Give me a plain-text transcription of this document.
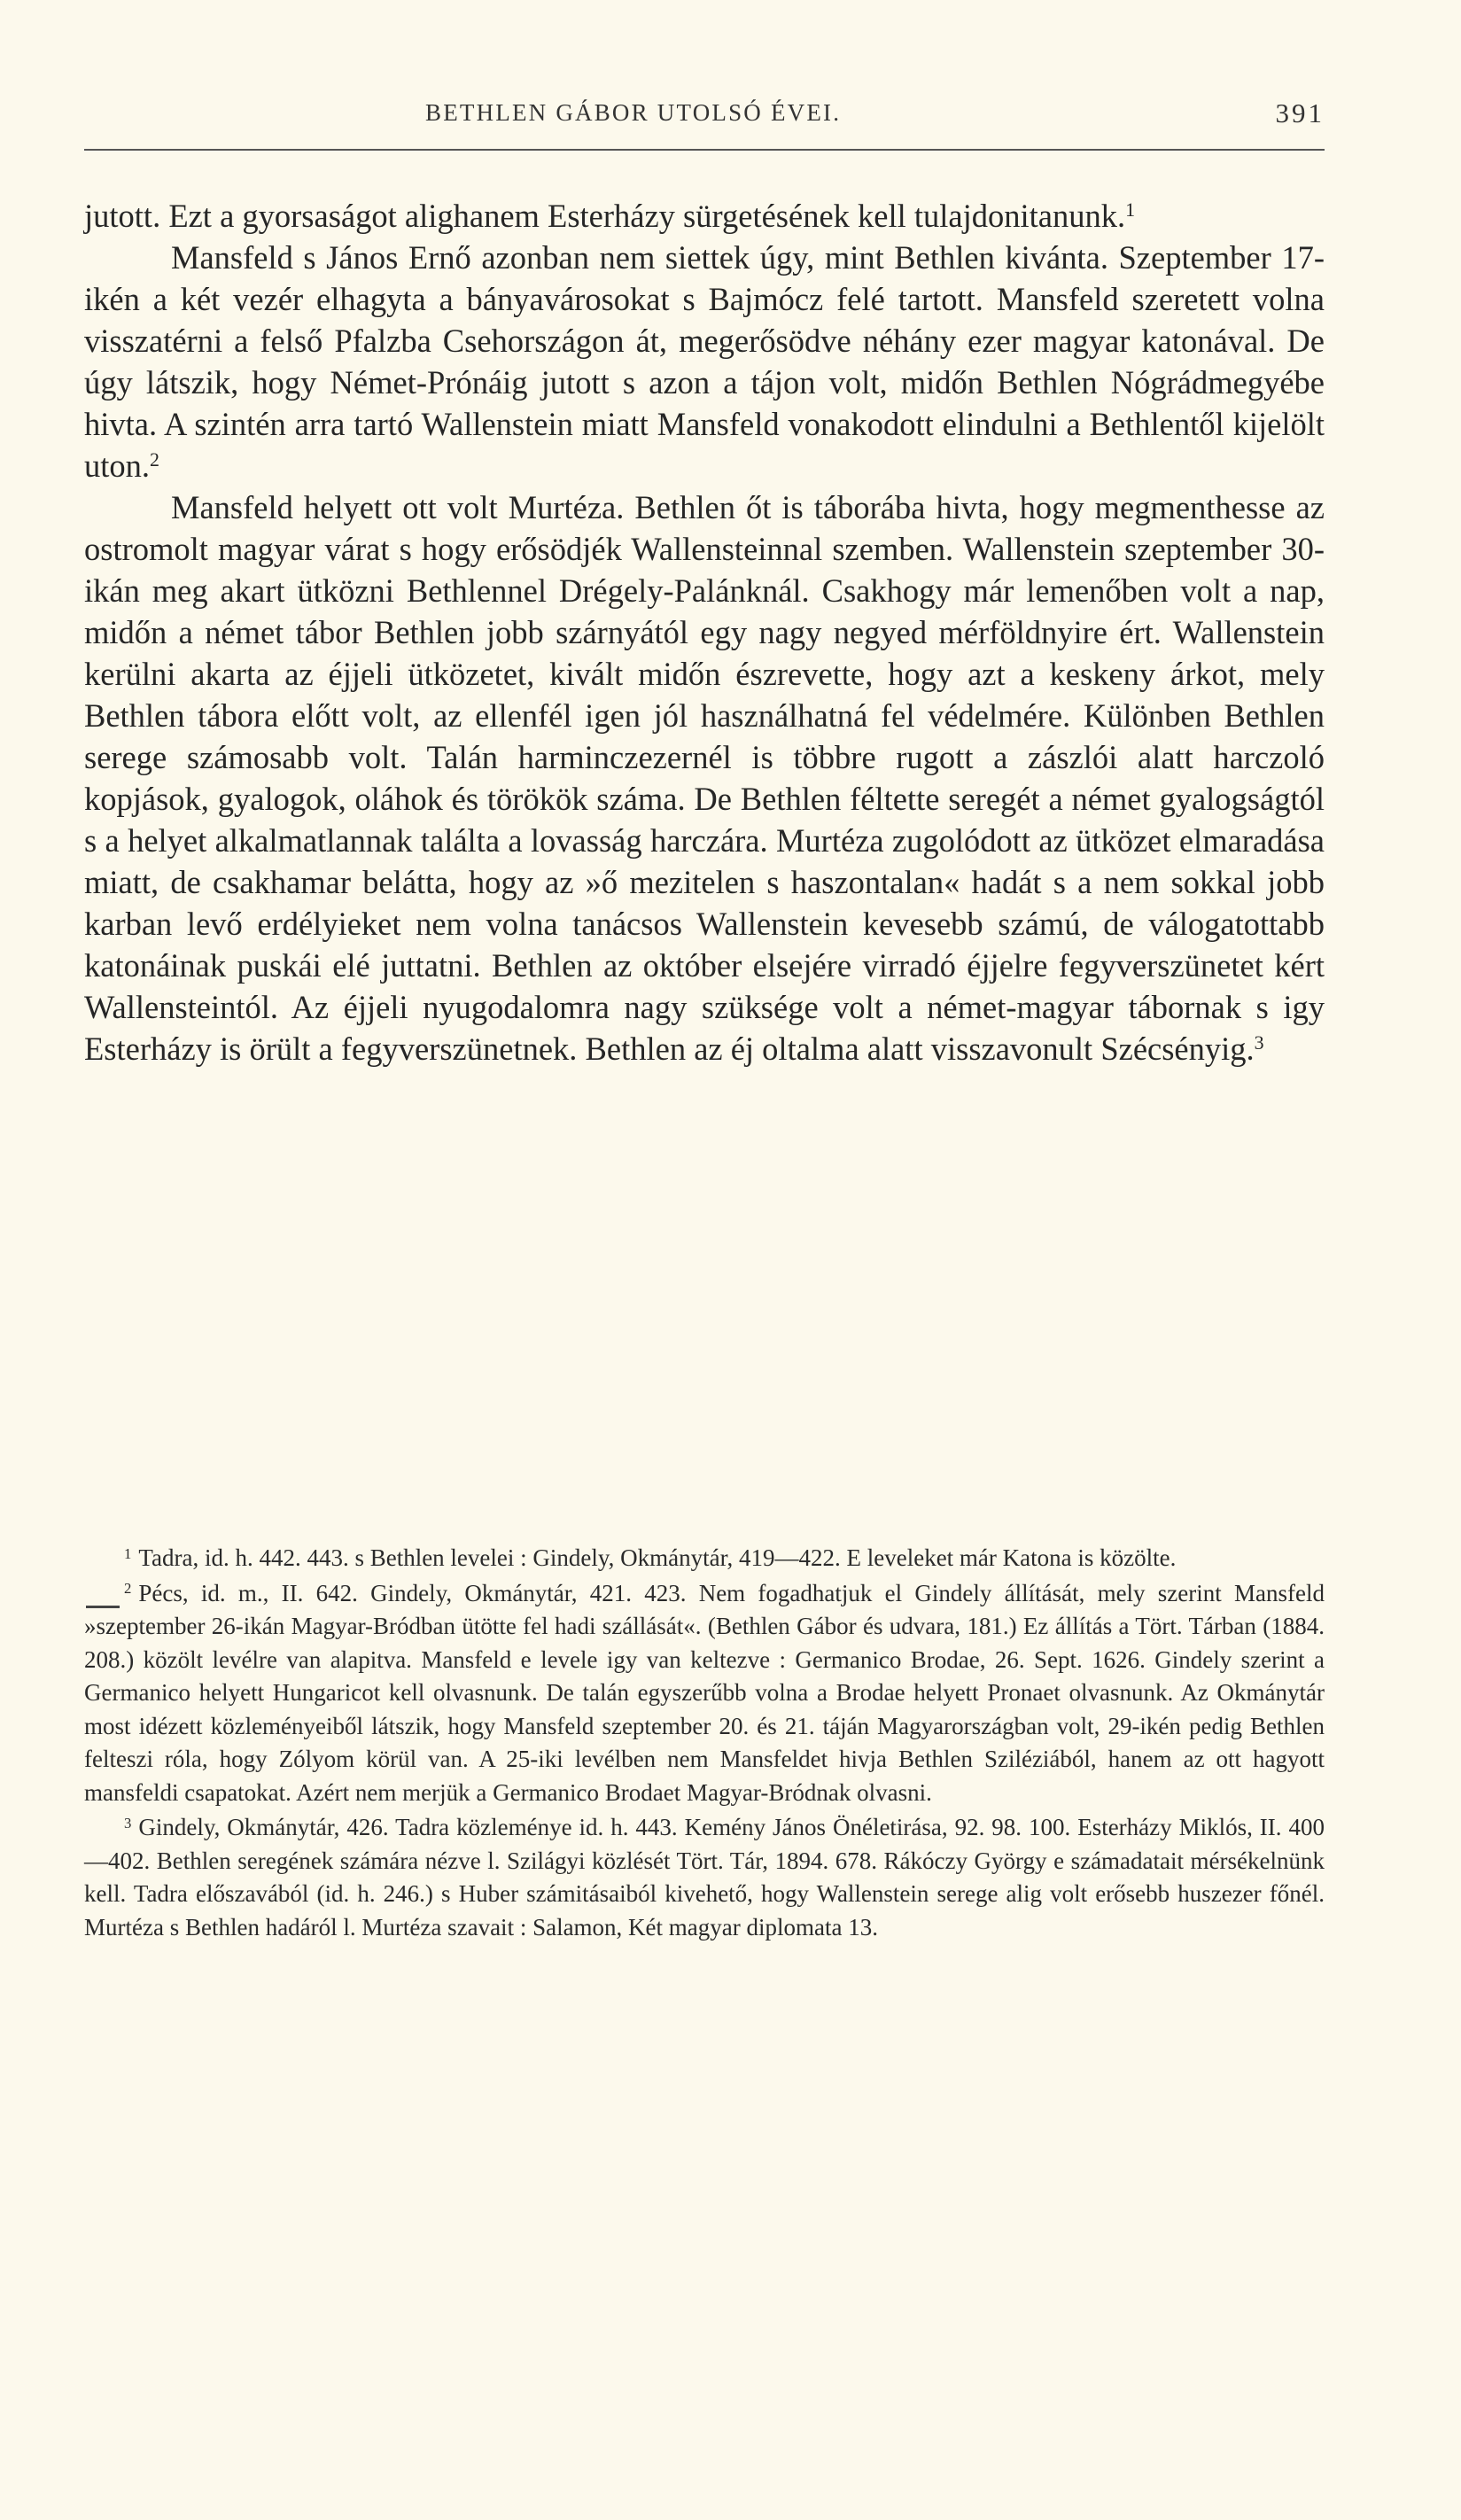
BETHLEN GÁBOR UTOLSÓ ÉVEI.	391

jutott. Ezt a gyorsaságot alighanem Esterházy sürgetésének kell tulajdonitanunk.$^1$

Mansfeld s János Ernő azonban nem siettek úgy, mint Bethlen kivánta. Szeptember 17-ikén a két vezér elhagyta a bányavárosokat s Bajmócz felé tartott. Mansfeld szeretett volna visszatérni a felső Pfalzba Csehországon át, megerősödve néhány ezer magyar katonával. De úgy látszik, hogy Német-Prónáig jutott s azon a tájon volt, midőn Bethlen Nógrádmegyébe hivta. A szintén arra tartó Wallenstein miatt Mansfeld vonakodott elindulni a Bethlentől kijelölt uton.$^2$

Mansfeld helyett ott volt Murtéza. Bethlen őt is táborába hivta, hogy megmenthesse az ostromolt magyar várat s hogy erősödjék Wallensteinnal szemben. Wallenstein szeptember 30-ikán meg akart ütközni Bethlennel Drégely-Palánknál. Csakhogy már lemenőben volt a nap, midőn a német tábor Bethlen jobb szárnyától egy nagy negyed mérföldnyire ért. Wallenstein kerülni akarta az éjjeli ütközetet, kivált midőn észrevette, hogy azt a keskeny árkot, mely Bethlen tábora előtt volt, az ellenfél igen jól használhatná fel védelmére. Különben Bethlen serege számosabb volt. Talán harminczezernél is többre rugott a zászlói alatt harczoló kopjások, gyalogok, oláhok és törökök száma. De Bethlen féltette seregét a német gyalogságtól s a helyet alkalmatlannak találta a lovasság harczára. Murtéza zugolódott az ütközet elmaradása miatt, de csakhamar belátta, hogy az »ő mezitelen s haszontalan« hadát s a nem sokkal jobb karban levő erdélyieket nem volna tanácsos Wallenstein kevesebb számú, de válogatottabb katonáinak puskái elé juttatni. Bethlen az október elsejére virradó éjjelre fegyverszünetet kért Wallensteintól. Az éjjeli nyugodalomra nagy szüksége volt a német-magyar tábornak s igy Esterházy is örült a fegyverszünetnek. Bethlen az éj oltalma alatt visszavonult Szécsényig.$^3$

$^1$ Tadra, id. h. 442. 443. s Bethlen levelei : Gindely, Okmánytár, 419—422. E leveleket már Katona is közölte.

$^2$ Pécs, id. m., II. 642. Gindely, Okmánytár, 421. 423. Nem fogadhatjuk el Gindely állítását, mely szerint Mansfeld »szeptember 26-ikán Magyar-Bródban ütötte fel hadi szállását«. (Bethlen Gábor és udvara, 181.) Ez állítás a Tört. Tárban (1884. 208.) közölt levélre van alapitva. Mansfeld e levele igy van keltezve : Germanico Brodae, 26. Sept. 1626. Gindely szerint a Germanico helyett Hungaricot kell olvasnunk. De talán egyszerűbb volna a Brodae helyett Pronaet olvasnunk. Az Okmánytár most idézett közleményeiből látszik, hogy Mansfeld szeptember 20. és 21. táján Magyarországban volt, 29-ikén pedig Bethlen felteszi róla, hogy Zólyom körül van. A 25-iki levélben nem Mansfeldet hivja Bethlen Sziléziából, hanem az ott hagyott mansfeldi csapatokat. Azért nem merjük a Germanico Brodaet Magyar-Bródnak olvasni.

$^3$ Gindely, Okmánytár, 426. Tadra közleménye id. h. 443. Kemény János Önéletirása, 92. 98. 100. Esterházy Miklós, II. 400—402. Bethlen seregének számára nézve l. Szilágyi közlését Tört. Tár, 1894. 678. Rákóczy György e számadatait mérsékelnünk kell. Tadra előszavából (id. h. 246.) s Huber számitásaiból kivehető, hogy Wallenstein serege alig volt erősebb huszezer főnél. Murtéza s Bethlen hadáról l. Murtéza szavait : Salamon, Két magyar diplomata 13.
